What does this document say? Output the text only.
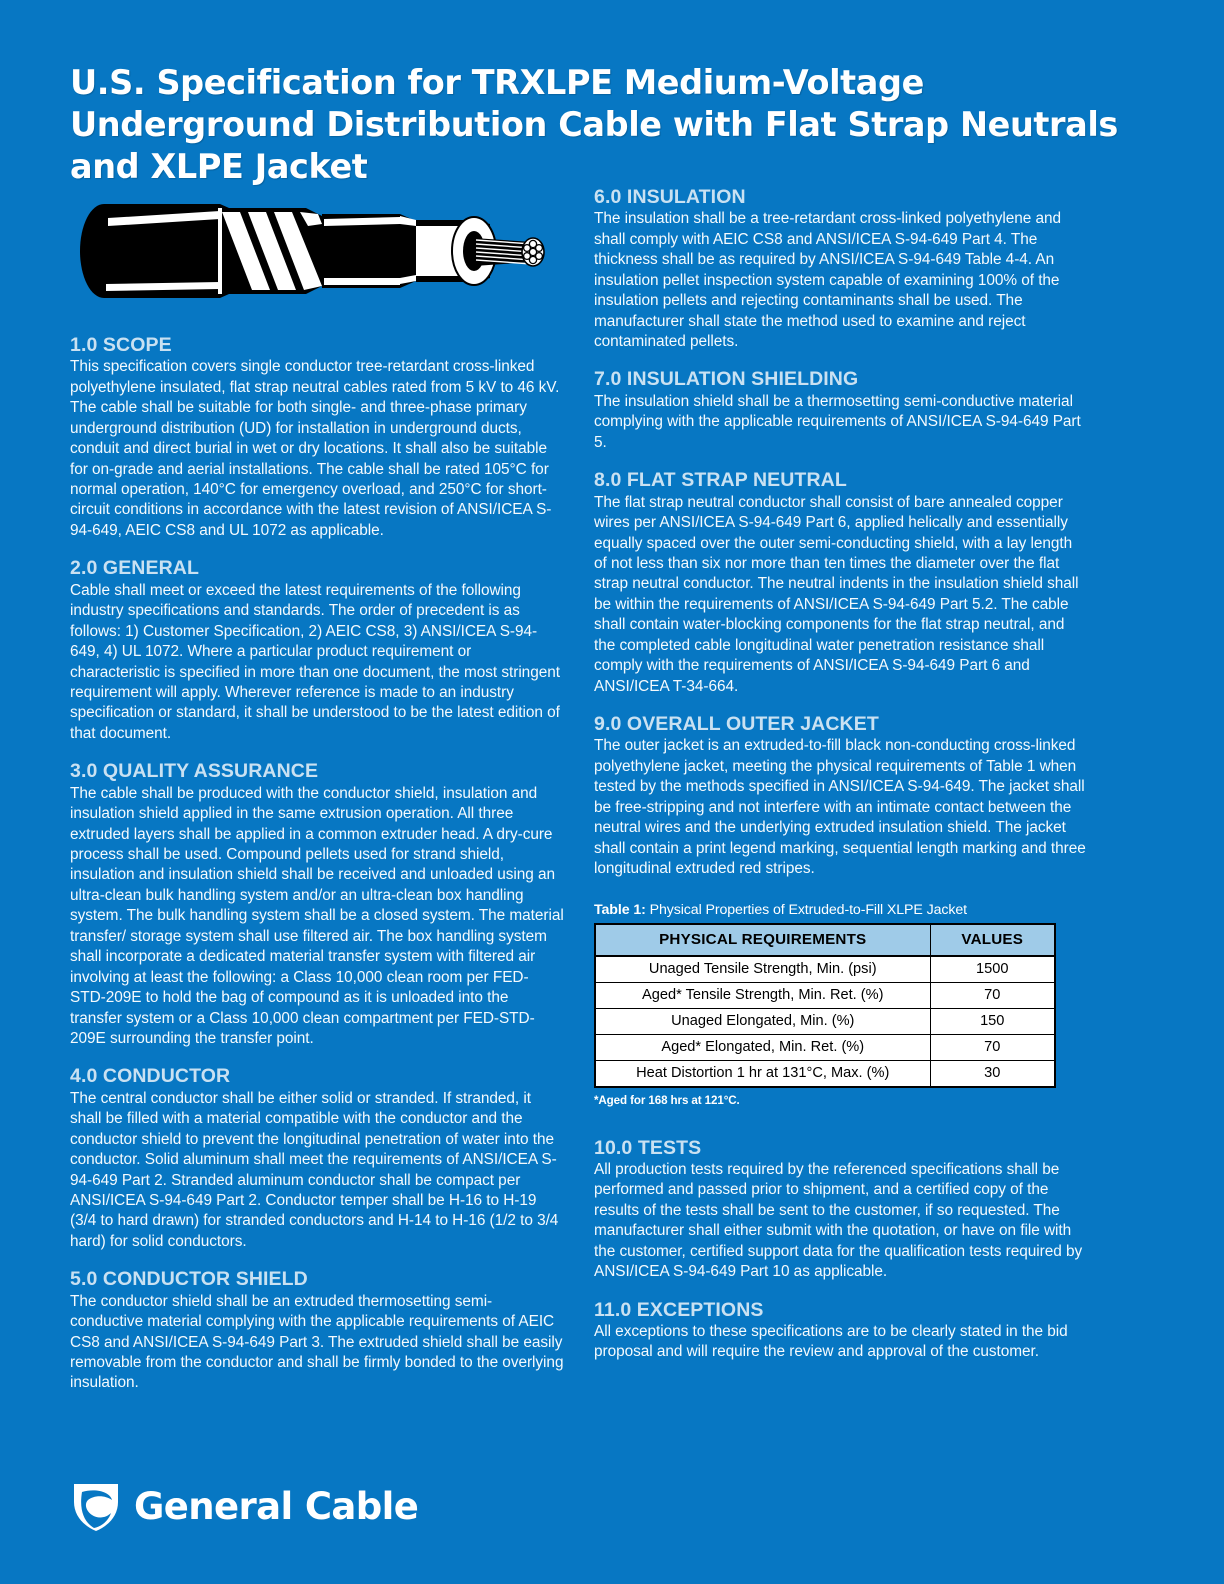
U.S. Specification for TRXLPE Medium-Voltage Underground Distribution Cable with Flat Strap Neutrals and XLPE Jacket
1.0 SCOPE

This specification covers single conductor tree-retardant cross-linked polyethylene insulated, flat strap neutral cables rated from 5 kV to 46 kV. The cable shall be suitable for both single- and three-phase primary underground distribution (UD) for installation in underground ducts, conduit and direct burial in wet or dry locations. It shall also be suitable for on-grade and aerial installations. The cable shall be rated 105°C for normal operation, 140°C for emergency overload, and 250°C for short-circuit conditions in accordance with the latest revision of ANSI/ICEA S-94-649, AEIC CS8 and UL 1072 as applicable.

2.0 GENERAL

Cable shall meet or exceed the latest requirements of the following industry specifications and standards. The order of precedent is as follows: 1) Customer Specification, 2) AEIC CS8, 3) ANSI/ICEA S-94-649, 4) UL 1072. Where a particular product requirement or characteristic is specified in more than one document, the most stringent requirement will apply. Wherever reference is made to an industry specification or standard, it shall be understood to be the latest edition of that document.

3.0 QUALITY ASSURANCE

The cable shall be produced with the conductor shield, insulation and insulation shield applied in the same extrusion operation. All three extruded layers shall be applied in a common extruder head. A dry-cure process shall be used. Compound pellets used for strand shield, insulation and insulation shield shall be received and unloaded using an ultra-clean bulk handling system and/or an ultra-clean box handling system. The bulk handling system shall be a closed system. The material transfer/ storage system shall use filtered air. The box handling system shall incorporate a dedicated material transfer system with filtered air involving at least the following: a Class 10,000 clean room per FED-STD-209E to hold the bag of compound as it is unloaded into the transfer system or a Class 10,000 clean compartment per FED-STD-209E surrounding the transfer point.

4.0 CONDUCTOR

The central conductor shall be either solid or stranded. If stranded, it shall be filled with a material compatible with the conductor and the conductor shield to prevent the longitudinal penetration of water into the conductor. Solid aluminum shall meet the requirements of ANSI/ICEA S-94-649 Part 2. Stranded aluminum conductor shall be compact per ANSI/ICEA S-94-649 Part 2. Conductor temper shall be H-16 to H-19 (3/4 to hard drawn) for stranded conductors and H-14 to H-16 (1/2 to 3/4 hard) for solid conductors.

5.0 CONDUCTOR SHIELD

The conductor shield shall be an extruded thermosetting semi-conductive material complying with the applicable requirements of AEIC CS8 and ANSI/ICEA S-94-649 Part 3. The extruded shield shall be easily removable from the conductor and shall be firmly bonded to the overlying insulation.

6.0 INSULATION

The insulation shall be a tree-retardant cross-linked polyethylene and shall comply with AEIC CS8 and ANSI/ICEA S-94-649 Part 4. The thickness shall be as required by ANSI/ICEA S-94-649 Table 4-4. An insulation pellet inspection system capable of examining 100% of the insulation pellets and rejecting contaminants shall be used. The manufacturer shall state the method used to examine and reject contaminated pellets.

7.0 INSULATION SHIELDING

The insulation shield shall be a thermosetting semi-conductive material complying with the applicable requirements of ANSI/ICEA S-94-649 Part 5.

8.0 FLAT STRAP NEUTRAL

The flat strap neutral conductor shall consist of bare annealed copper wires per ANSI/ICEA S-94-649 Part 6, applied helically and essentially equally spaced over the outer semi-conducting shield, with a lay length of not less than six nor more than ten times the diameter over the flat strap neutral conductor. The neutral indents in the insulation shield shall be within the requirements of ANSI/ICEA S-94-649 Part 5.2. The cable shall contain water-blocking components for the flat strap neutral, and the completed cable longitudinal water penetration resistance shall comply with the requirements of ANSI/ICEA S-94-649 Part 6 and ANSI/ICEA T-34-664.

9.0 OVERALL OUTER JACKET

The outer jacket is an extruded-to-fill black non-conducting cross-linked polyethylene jacket, meeting the physical requirements of Table 1 when tested by the methods specified in ANSI/ICEA S-94-649. The jacket shall be free-stripping and not interfere with an intimate contact between the neutral wires and the underlying extruded insulation shield. The jacket shall contain a print legend marking, sequential length marking and three longitudinal extruded red stripes.

Table 1: Physical Properties of Extruded-to-Fill XLPE Jacket

PHYSICAL REQUIREMENTS	VALUES
Unaged Tensile Strength, Min. (psi)	1500
Aged* Tensile Strength, Min. Ret. (%)	70
Unaged Elongated, Min. (%)	150
Aged* Elongated, Min. Ret. (%)	70
Heat Distortion 1 hr at 131°C, Max. (%)	30

*Aged for 168 hrs at 121°C.

10.0 TESTS

All production tests required by the referenced specifications shall be performed and passed prior to shipment, and a certified copy of the results of the tests shall be sent to the customer, if so requested. The manufacturer shall either submit with the quotation, or have on file with the customer, certified support data for the qualification tests required by ANSI/ICEA S-94-649 Part 10 as applicable.

11.0 EXCEPTIONS

All exceptions to these specifications are to be clearly stated in the bid proposal and will require the review and approval of the customer.

General Cable
